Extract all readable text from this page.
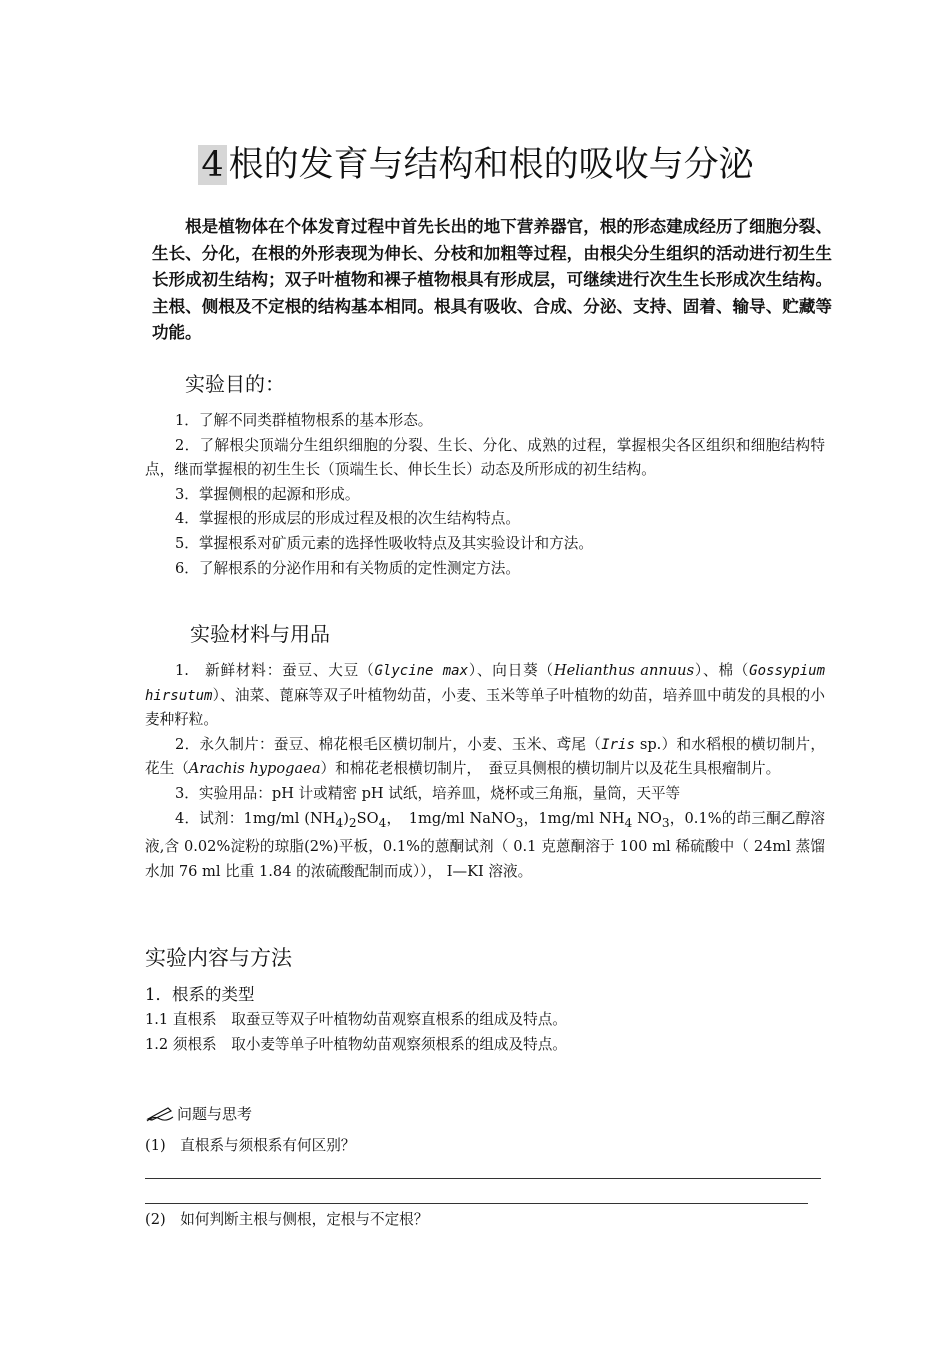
4 根的发育与结构和根的吸收与分泌

根是植物体在个体发育过程中首先长出的地下营养器官，根的形态建成经历了细胞分裂、生长、分化，在根的外形表现为伸长、分枝和加粗等过程，由根尖分生组织的活动进行初生生长形成初生结构；双子叶植物和裸子植物根具有形成层，可继续进行次生生长形成次生结构。主根、侧根及不定根的结构基本相同。根具有吸收、合成、分泌、支持、固着、输导、贮藏等功能。

实验目的：
1．了解不同类群植物根系的基本形态。
2．了解根尖顶端分生组织细胞的分裂、生长、分化、成熟的过程，掌握根尖各区组织和细胞结构特点，继而掌握根的初生生长（顶端生长、伸长生长）动态及所形成的初生结构。
3．掌握侧根的起源和形成。
4．掌握根的形成层的形成过程及根的次生结构特点。
5．掌握根系对矿质元素的选择性吸收特点及其实验设计和方法。
6．了解根系的分泌作用和有关物质的定性测定方法。
实验材料与用品
1.　新鲜材料：蚕豆、大豆（Glycine max）、向日葵（Helianthus annuus）、棉（Gossypium hirsutum）、油菜、蓖麻等双子叶植物幼苗，小麦、玉米等单子叶植物的幼苗，培养皿中萌发的具根的小麦种籽粒。
2．永久制片：蚕豆、棉花根毛区横切制片，小麦、玉米、鸢尾（Iris sp.）和水稻根的横切制片，花生（Arachis hypogaea）和棉花老根横切制片，　蚕豆具侧根的横切制片以及花生具根瘤制片。
3．实验用品：pH 计或精密 pH 试纸，培养皿，烧杯或三角瓶，量筒，天平等
4．试剂：1mg/ml $(NH_4)_2SO_4$，　1mg/ml NaNO$_3$，1mg/ml $NH_4$ $NO_3$，0.1%的茚三酮乙醇溶液,含 0.02%淀粉的琼脂(2%)平板，0.1%的蒽酮试剂（ 0.1 克蒽酮溶于 100 ml 稀硫酸中（ 24ml 蒸馏水加 76 ml 比重 1.84 的浓硫酸配制而成））， I—KI 溶液。
实验内容与方法
1．根系的类型
1.1 直根系　取蚕豆等双子叶植物幼苗观察直根系的组成及特点。
1.2 须根系　取小麦等单子叶植物幼苗观察须根系的组成及特点。
问题与思考
(1)　直根系与须根系有何区别？
(2)　如何判断主根与侧根，定根与不定根？
